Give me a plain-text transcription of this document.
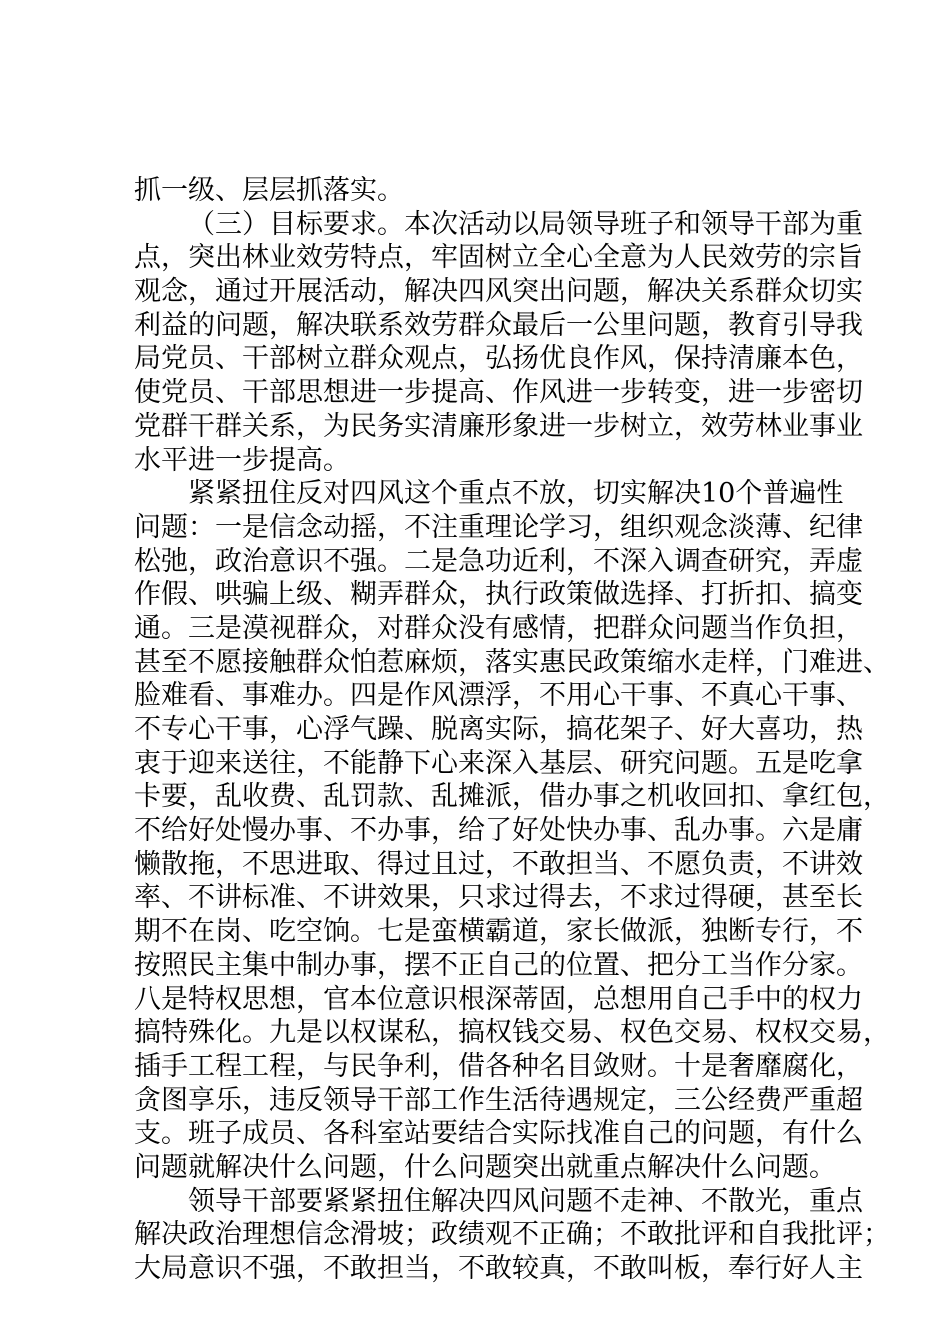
抓一级、层层抓落实。
（三）目标要求。本次活动以局领导班子和领导干部为重
点，突出林业效劳特点，牢固树立全心全意为人民效劳的宗旨
观念，通过开展活动，解决四风突出问题，解决关系群众切实
利益的问题，解决联系效劳群众最后一公里问题，教育引导我
局党员、干部树立群众观点，弘扬优良作风，保持清廉本色，
使党员、干部思想进一步提高、作风进一步转变，进一步密切
党群干群关系，为民务实清廉形象进一步树立，效劳林业事业
水平进一步提高。
紧紧扭住反对四风这个重点不放，切实解决10个普遍性
问题：一是信念动摇，不注重理论学习，组织观念淡薄、纪律
松弛，政治意识不强。二是急功近利，不深入调查研究，弄虚
作假、哄骗上级、糊弄群众，执行政策做选择、打折扣、搞变
通。三是漠视群众，对群众没有感情，把群众问题当作负担，
甚至不愿接触群众怕惹麻烦，落实惠民政策缩水走样，门难进、
脸难看、事难办。四是作风漂浮，不用心干事、不真心干事、
不专心干事，心浮气躁、脱离实际，搞花架子、好大喜功，热
衷于迎来送往，不能静下心来深入基层、研究问题。五是吃拿
卡要，乱收费、乱罚款、乱摊派，借办事之机收回扣、拿红包，
不给好处慢办事、不办事，给了好处快办事、乱办事。六是庸
懒散拖，不思进取、得过且过，不敢担当、不愿负责，不讲效
率、不讲标准、不讲效果，只求过得去，不求过得硬，甚至长
期不在岗、吃空饷。七是蛮横霸道，家长做派，独断专行，不
按照民主集中制办事，摆不正自己的位置、把分工当作分家。
八是特权思想，官本位意识根深蒂固，总想用自己手中的权力
搞特殊化。九是以权谋私，搞权钱交易、权色交易、权权交易，
插手工程工程，与民争利，借各种名目敛财。十是奢靡腐化，
贪图享乐，违反领导干部工作生活待遇规定，三公经费严重超
支。班子成员、各科室站要结合实际找准自己的问题，有什么
问题就解决什么问题，什么问题突出就重点解决什么问题。
领导干部要紧紧扭住解决四风问题不走神、不散光，重点
解决政治理想信念滑坡；政绩观不正确；不敢批评和自我批评；
大局意识不强，不敢担当，不敢较真，不敢叫板，奉行好人主
